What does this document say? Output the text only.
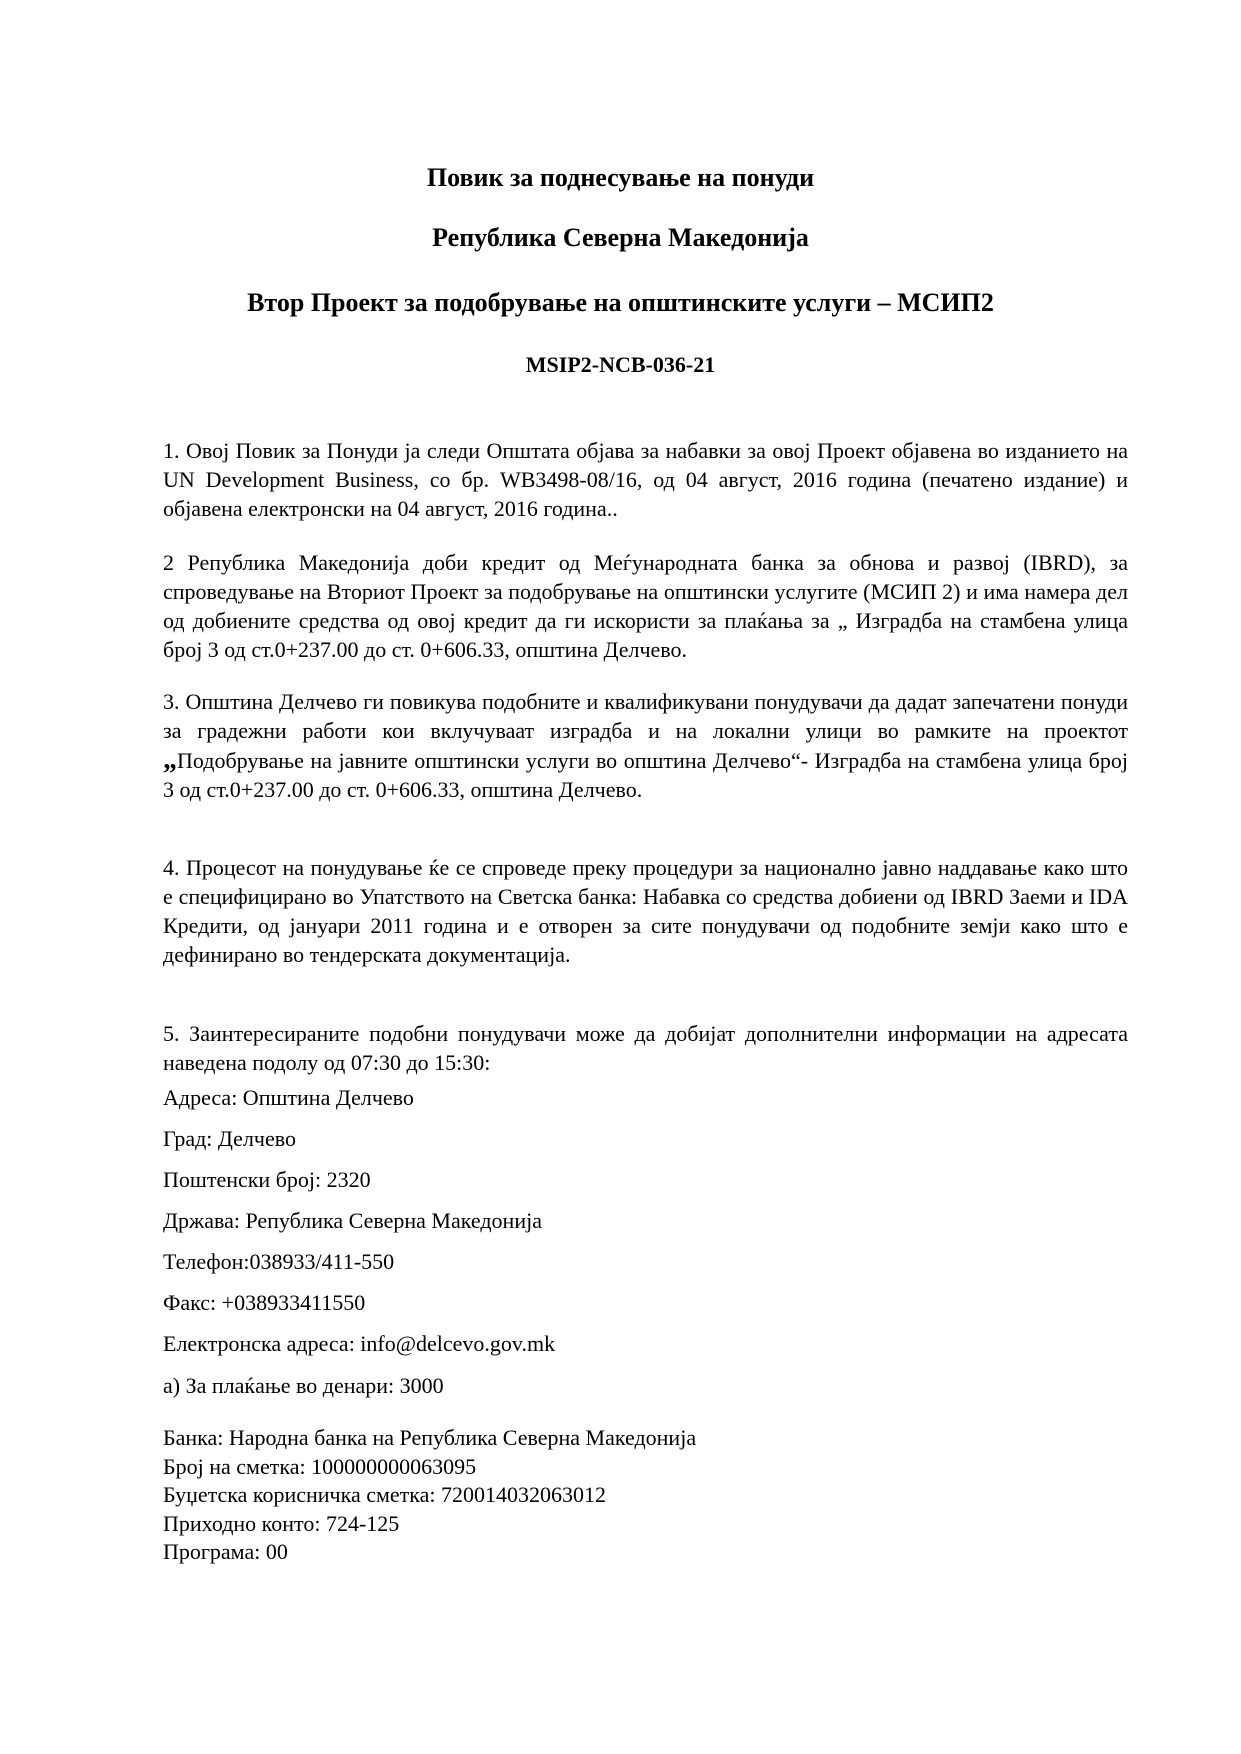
Повик за поднесување на понуди
Република Северна Македонија
Втор Проект за подобрување на општинските услуги – МСИП2
MSIP2-NCB-036-21
1. Овој Повик за Понуди ја следи Општата објава за набавки за овој Проект објавена во изданието на UN Development Business, со бр. WB3498-08/16, од 04 август, 2016 година (печатено издание) и објавена електронски на 04 август, 2016 година..
2 Република Македонија доби кредит од Меѓународната банка за обнова и развој (IBRD), за спроведување на Вториот Проект за подобрување на општински услугите (МСИП 2) и има намера дел од добиените средства од овој кредит да ги искористи за плаќања за „ Изградба на стамбена улица број 3 од ст.0+237.00 до ст. 0+606.33, општина Делчево.
3. Општина Делчево ги повикува подобните и квалификувани понудувачи да дадат запечатени понуди за градежни работи кои вклучуваат изградба и на локални улици во рамките на проектот „Подобрување на јавните општински услуги во општина Делчево“- Изградба на стамбена улица број 3 од ст.0+237.00 до ст. 0+606.33, општина Делчево.
4. Процесот на понудување ќе се спроведе преку процедури за национално јавно наддавање како што е специфицирано во Упатството на Светска банка: Набавка со средства добиени од IBRD Заеми и IDA Кредити, од јануари 2011 година и е отворен за сите понудувачи од подобните земји како што е дефинирано во тендерската документација.
5. Заинтересираните подобни понудувачи може да добијат дополнителни информации на адресата наведена подолу од 07:30 до 15:30:
Адреса: Општина Делчево
Град: Делчево
Поштенски број: 2320
Држава: Република Северна Македонија
Телефон:038933/411-550
Факс: +038933411550
Електронска адреса: info@delcevo.gov.mk
а) За плаќање во денари: 3000
Банка: Народна банка на Република Северна Македонија
Број на сметка: 100000000063095
Буџетска корисничка сметка: 720014032063012
Приходно конто: 724-125
Програма: 00
